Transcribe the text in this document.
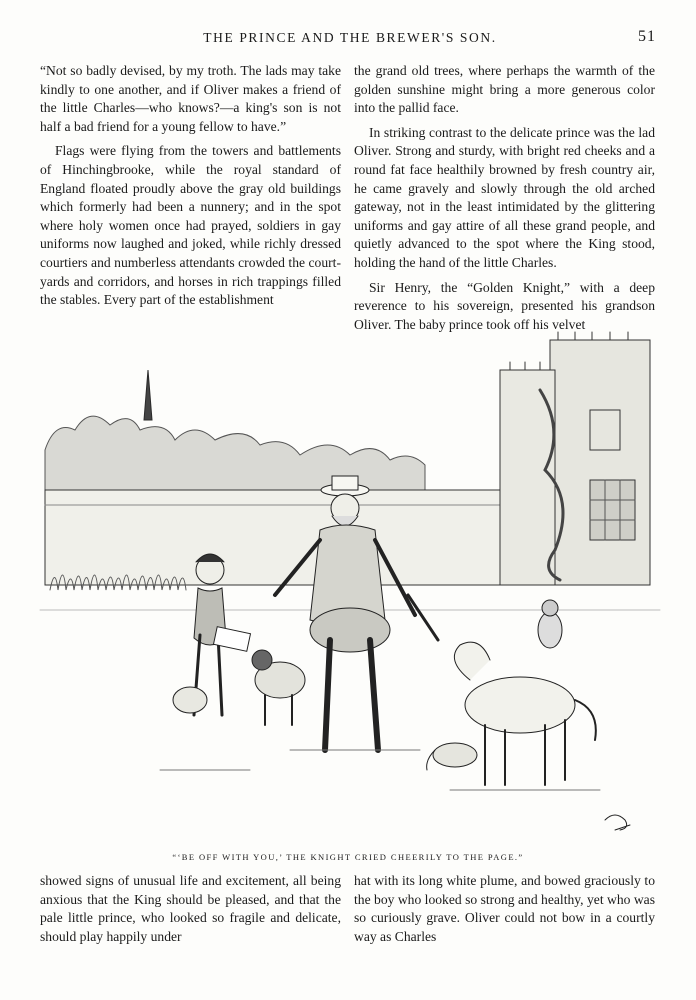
THE PRINCE AND THE BREWER'S SON.	51

“Not so badly devised, by my troth. The lads may take kindly to one another, and if Oliver makes a friend of the little Charles—who knows?—a king's son is not half a bad friend for a young fellow to have.”

Flags were flying from the towers and battlements of Hinchingbrooke, while the royal standard of England floated proudly above the gray old buildings which formerly had been a nunnery; and in the spot where holy women once had prayed, soldiers in gay uniforms now laughed and joked, while richly dressed courtiers and numberless attendants crowded the court-yards and corridors, and horses in rich trappings filled the stables. Every part of the establishment

the grand old trees, where perhaps the warmth of the golden sunshine might bring a more generous color into the pallid face.

In striking contrast to the delicate prince was the lad Oliver. Strong and sturdy, with bright red cheeks and a round fat face healthily browned by fresh country air, he came gravely and slowly through the old arched gateway, not in the least intimidated by the glittering uniforms and gay attire of all these grand people, and quietly advanced to the spot where the King stood, holding the hand of the little Charles.

Sir Henry, the “Golden Knight,” with a deep reverence to his sovereign, presented his grandson Oliver. The baby prince took off his velvet

“‘BE OFF WITH YOU,’ THE KNIGHT CRIED CHEERILY TO THE PAGE.”

showed signs of unusual life and excitement, all being anxious that the King should be pleased, and that the pale little prince, who looked so fragile and delicate, should play happily under

hat with its long white plume, and bowed graciously to the boy who looked so strong and healthy, yet who was so curiously grave. Oliver could not bow in a courtly way as Charles
